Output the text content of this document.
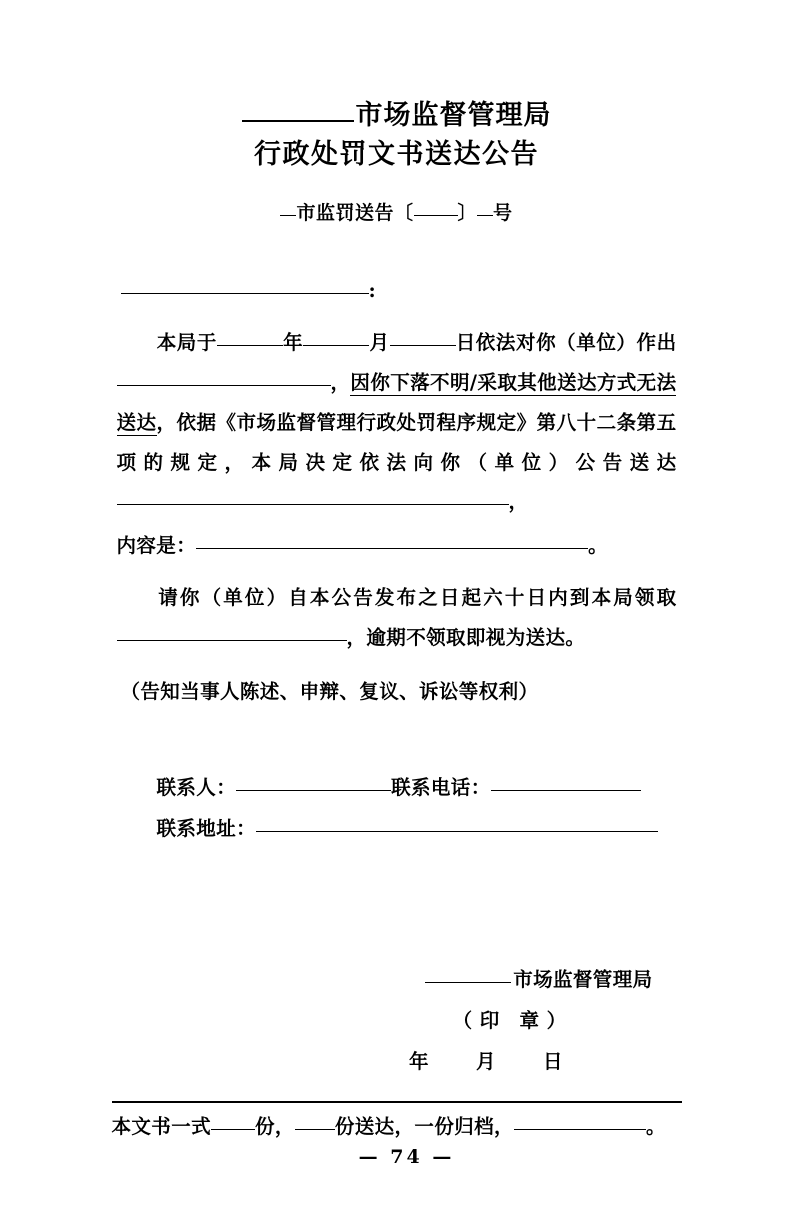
市场监督管理局
行政处罚文书送达公告
市监罚送告〔 〕 号
:
本局于	年	月	日依法对你（单位）作出，因你下落不明/采取其他送达方式无法送达，依据《市场监督管理行政处罚程序规定》第八十二条第五项的规定，本局决定依法向你（单位）公告送达，
内容是：	。
请你（单位）自本公告发布之日起六十日内到本局领取，逾期不领取即视为送达。
（告知当事人陈述、申辩、复议、诉讼等权利）
联系人：	联系电话：
联系地址：
市场监督管理局
（ 印　章 ）
年　月　日
本文书一式 份， 份送达，一份归档，	。
— 74 —
